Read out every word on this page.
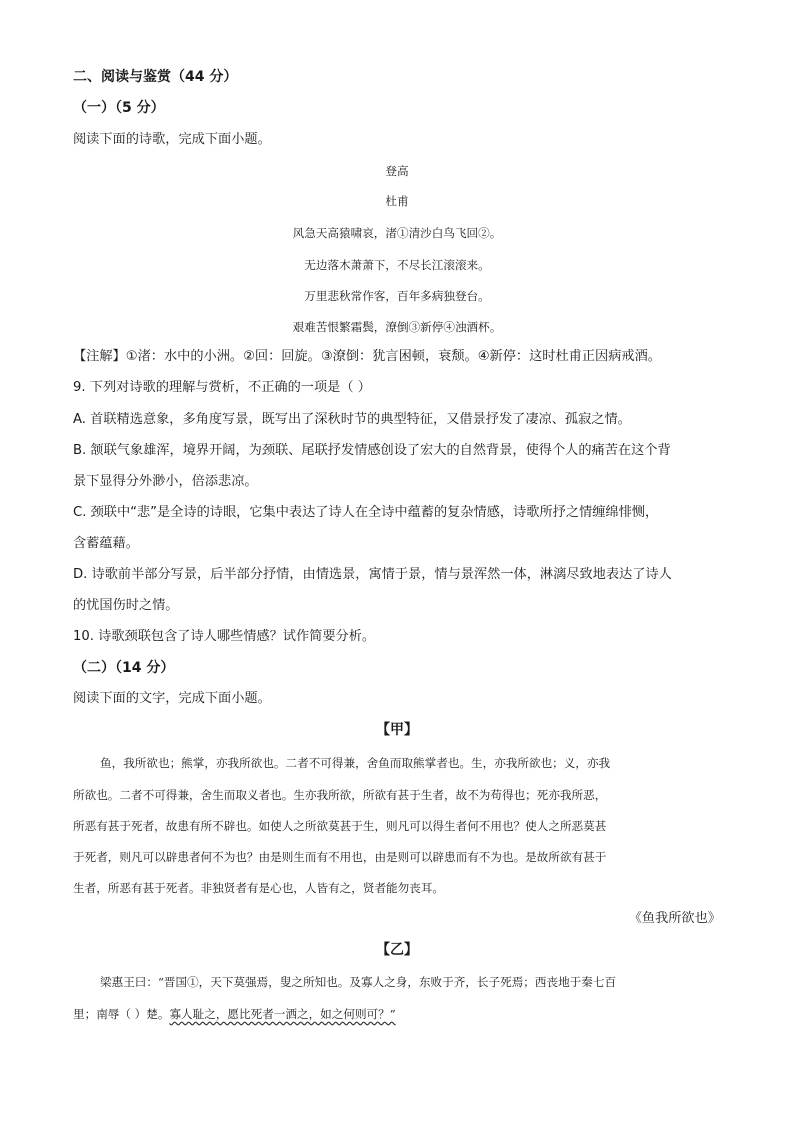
二、阅读与鉴赏（44 分）
（一）（5 分）
阅读下面的诗歌，完成下面小题。
登高
杜甫
风急天高猿啸哀，渚①清沙白鸟飞回②。
无边落木萧萧下，不尽长江滚滚来。
万里悲秋常作客，百年多病独登台。
艰难苦恨繁霜鬓，潦倒③新停④浊酒杯。
【注解】①渚：水中的小洲。②回：回旋。③潦倒：犹言困顿，衰颓。④新停：这时杜甫正因病戒酒。
9. 下列对诗歌的理解与赏析，不正确的一项是（ ）
A. 首联精选意象，多角度写景，既写出了深秋时节的典型特征，又借景抒发了凄凉、孤寂之情。
B. 颔联气象雄浑，境界开阔，为颈联、尾联抒发情感创设了宏大的自然背景，使得个人的痛苦在这个背
景下显得分外渺小，倍添悲凉。
C. 颈联中“悲”是全诗的诗眼，它集中表达了诗人在全诗中蕴蓄的复杂情感，诗歌所抒之情缠绵悱恻，
含蓄蕴藉。
D. 诗歌前半部分写景，后半部分抒情，由情选景，寓情于景，情与景浑然一体，淋漓尽致地表达了诗人
的忧国伤时之情。
10. 诗歌颈联包含了诗人哪些情感？试作简要分析。
（二）（14 分）
阅读下面的文字，完成下面小题。
【甲】
鱼，我所欲也；熊掌，亦我所欲也。二者不可得兼，舍鱼而取熊掌者也。生，亦我所欲也；义，亦我
所欲也。二者不可得兼，舍生而取义者也。生亦我所欲，所欲有甚于生者，故不为苟得也；死亦我所恶，
所恶有甚于死者，故患有所不辟也。如使人之所欲莫甚于生，则凡可以得生者何不用也？使人之所恶莫甚
于死者，则凡可以辟患者何不为也？由是则生而有不用也，由是则可以辟患而有不为也。是故所欲有甚于
生者，所恶有甚于死者。非独贤者有是心也，人皆有之，贤者能勿丧耳。
《鱼我所欲也》
【乙】
梁惠王曰：“晋国①，天下莫强焉，叟之所知也。及寡人之身，东败于齐，长子死焉；西丧地于秦七百
里；南辱（ ）楚。寡人耻之，愿比死者一洒之，如之何则可？”
